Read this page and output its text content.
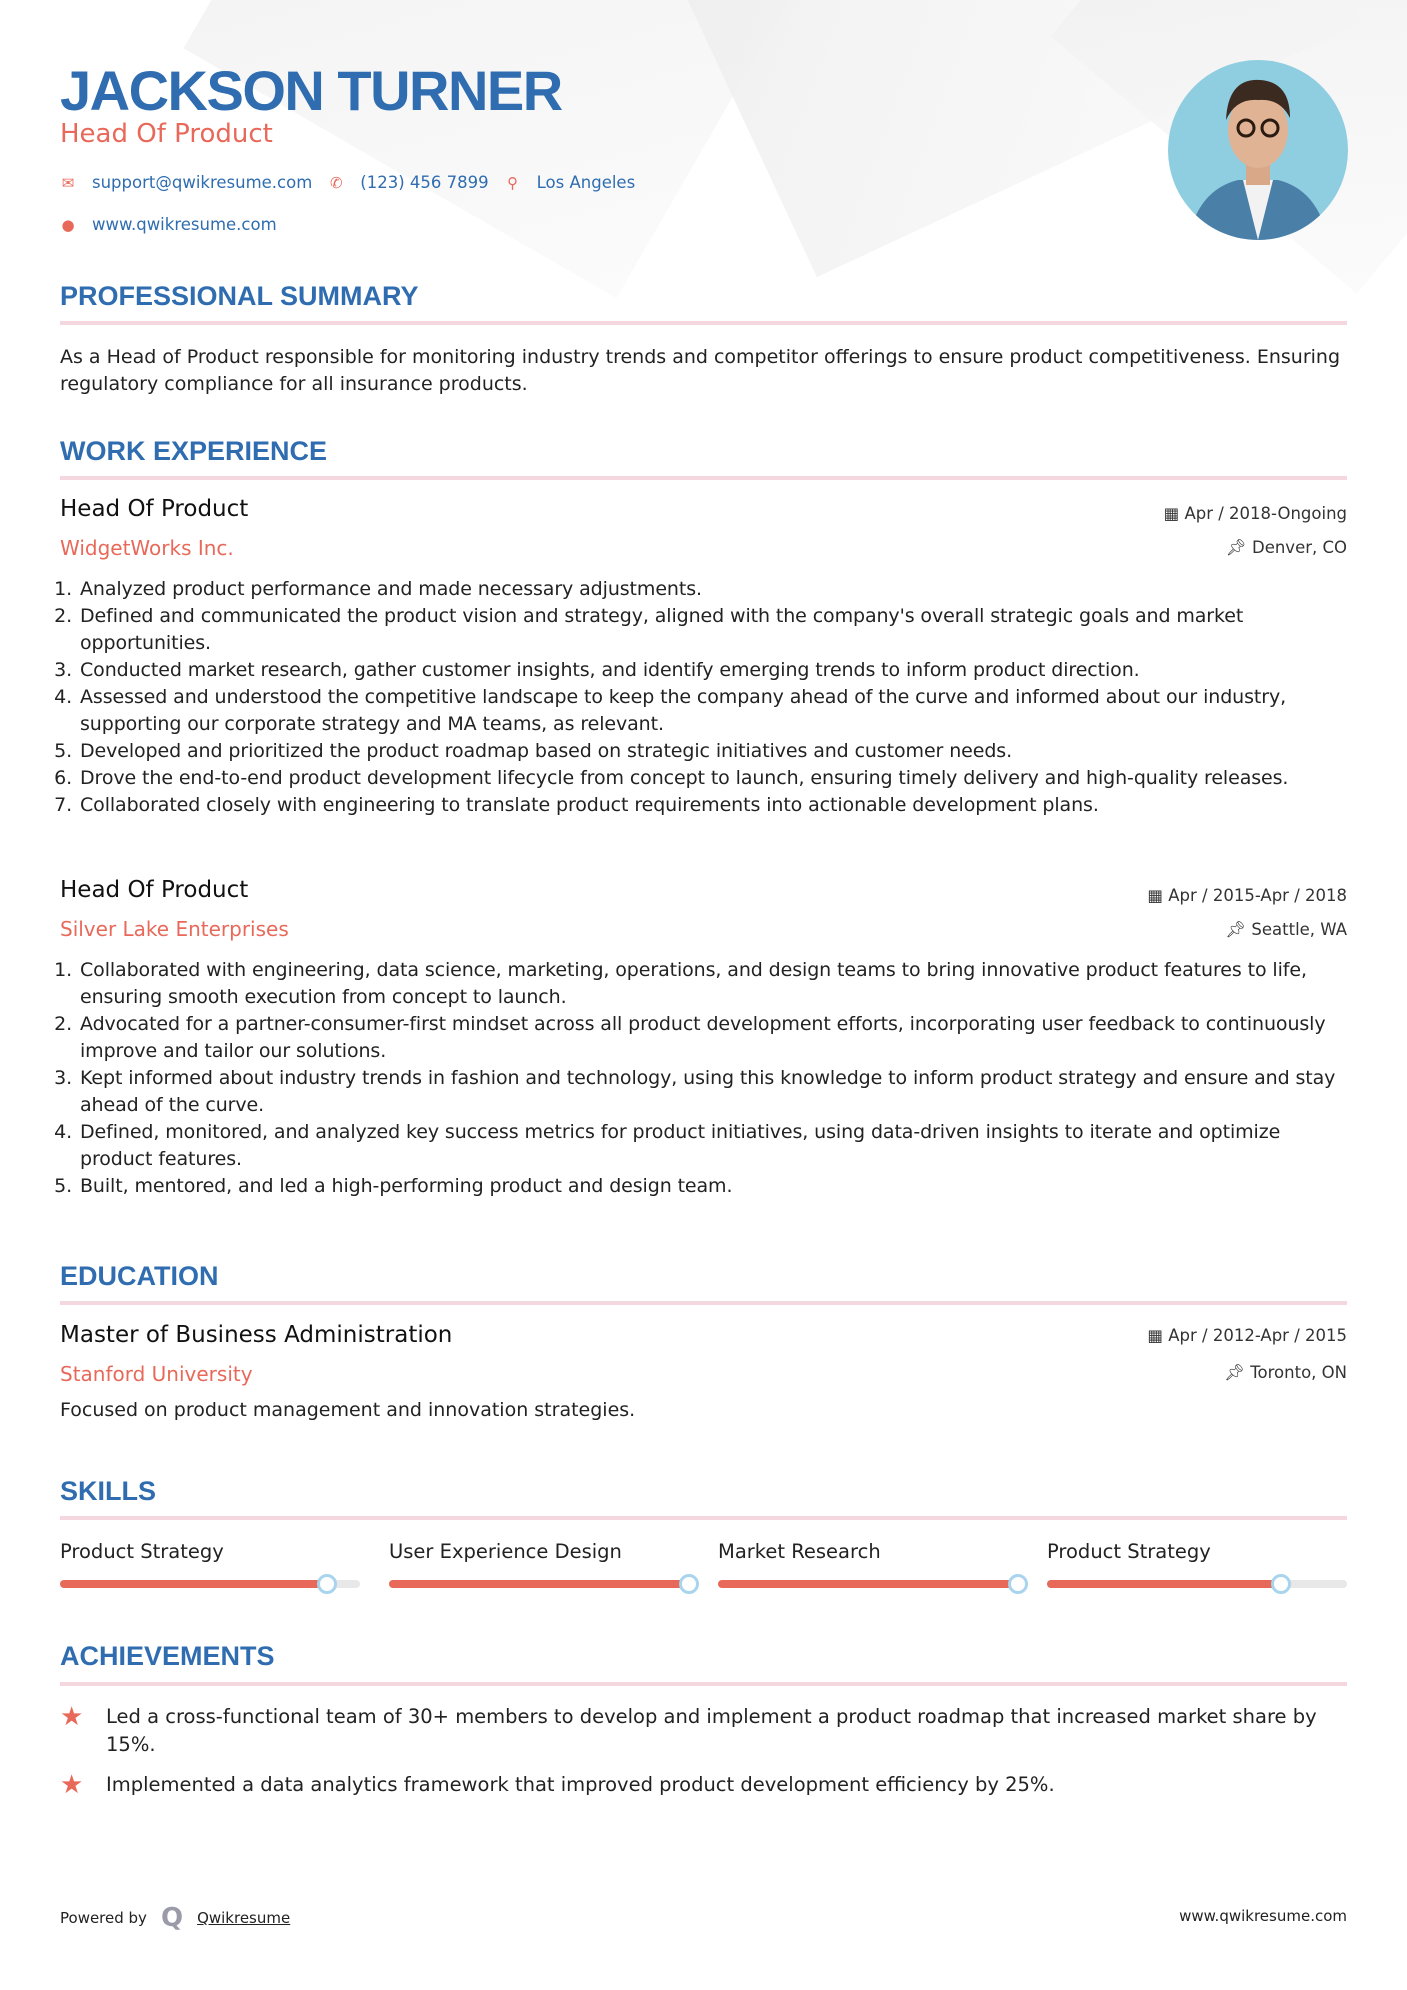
JACKSON TURNER
Head Of Product
✉ support@qwikresume.com ✆ (123) 456 7899	⚲ Los Angeles
● www.qwikresume.com
PROFESSIONAL SUMMARY
As a Head of Product responsible for monitoring industry trends and competitor offerings to ensure product competitiveness. Ensuring regulatory compliance for all insurance products.
WORK EXPERIENCE
Head Of Product
WidgetWorks Inc.
▦ Apr / 2018-Ongoing
📌︎ Denver, CO
1. Analyzed product performance and made necessary adjustments.
2. Defined and communicated the product vision and strategy, aligned with the company's overall strategic goals and market opportunities.
3. Conducted market research, gather customer insights, and identify emerging trends to inform product direction.
4. Assessed and understood the competitive landscape to keep the company ahead of the curve and informed about our industry, supporting our corporate strategy and MA teams, as relevant.
5. Developed and prioritized the product roadmap based on strategic initiatives and customer needs.
6. Drove the end-to-end product development lifecycle from concept to launch, ensuring timely delivery and high-quality releases.
7. Collaborated closely with engineering to translate product requirements into actionable development plans.
Head Of Product
Silver Lake Enterprises
▦ Apr / 2015-Apr / 2018
📌︎ Seattle, WA
1. Collaborated with engineering, data science, marketing, operations, and design teams to bring innovative product features to life, ensuring smooth execution from concept to launch.
2. Advocated for a partner-consumer-first mindset across all product development efforts, incorporating user feedback to continuously improve and tailor our solutions.
3. Kept informed about industry trends in fashion and technology, using this knowledge to inform product strategy and ensure and stay ahead of the curve.
4. Defined, monitored, and analyzed key success metrics for product initiatives, using data-driven insights to iterate and optimize product features.
5. Built, mentored, and led a high-performing product and design team.
EDUCATION
Master of Business Administration
Stanford University
▦ Apr / 2012-Apr / 2015
📌︎ Toronto, ON
Focused on product management and innovation strategies.
SKILLS
Product Strategy	User Experience Design	Market Research	Product Strategy
ACHIEVEMENTS
★	Led a cross-functional team of 30+ members to develop and implement a product roadmap that increased market share by 15%.
★	Implemented a data analytics framework that improved product development efficiency by 25%.
Powered by Q Qwikresume	www.qwikresume.com
